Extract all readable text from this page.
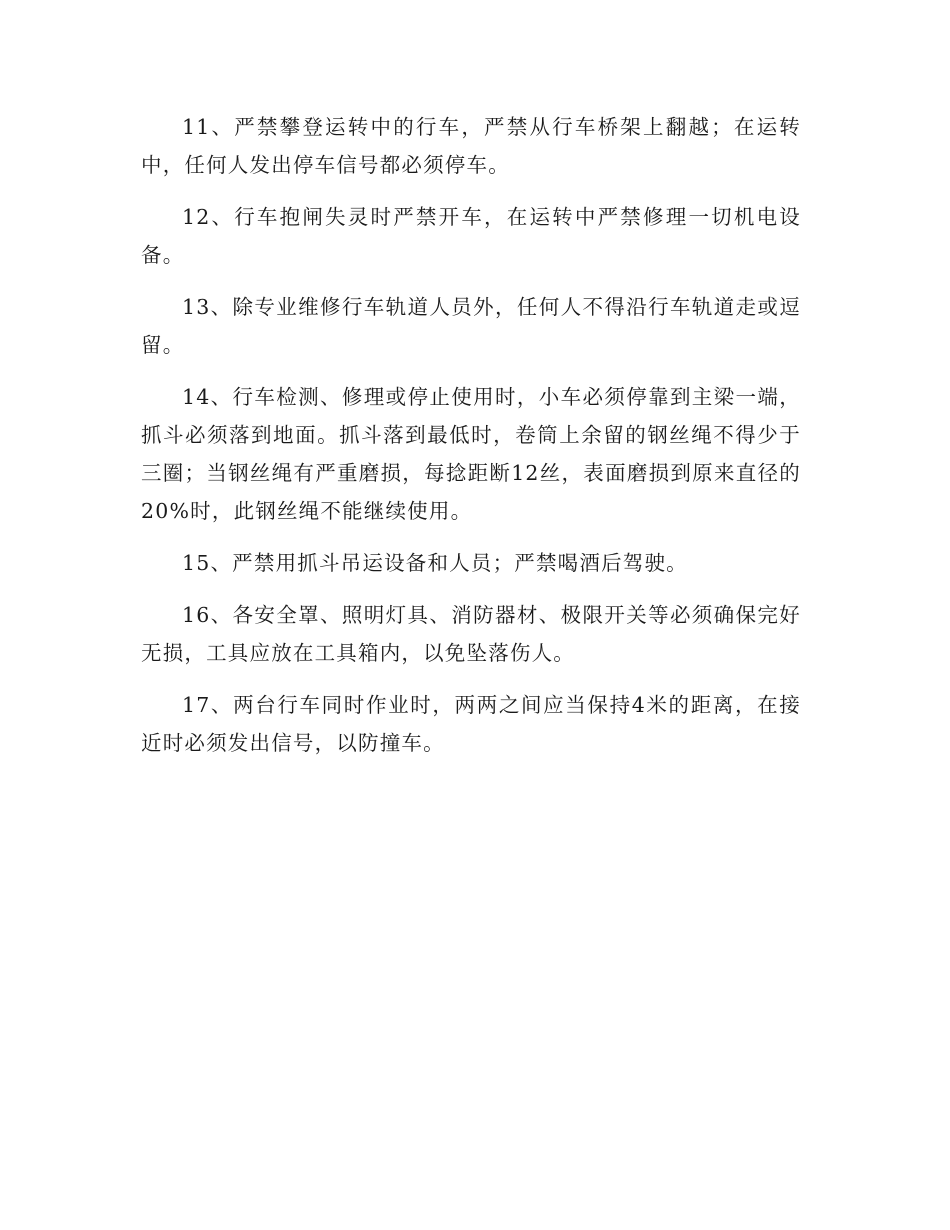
11、严禁攀登运转中的行车，严禁从行车桥架上翻越；在运转中，任何人发出停车信号都必须停车。

12、行车抱闸失灵时严禁开车，在运转中严禁修理一切机电设备。

13、除专业维修行车轨道人员外，任何人不得沿行车轨道走或逗留。

14、行车检测、修理或停止使用时，小车必须停靠到主梁一端，抓斗必须落到地面。抓斗落到最低时，卷筒上余留的钢丝绳不得少于三圈；当钢丝绳有严重磨损，每捻距断12丝，表面磨损到原来直径的20%时，此钢丝绳不能继续使用。

15、严禁用抓斗吊运设备和人员；严禁喝酒后驾驶。

16、各安全罩、照明灯具、消防器材、极限开关等必须确保完好无损，工具应放在工具箱内，以免坠落伤人。

17、两台行车同时作业时，两两之间应当保持4米的距离，在接近时必须发出信号，以防撞车。
